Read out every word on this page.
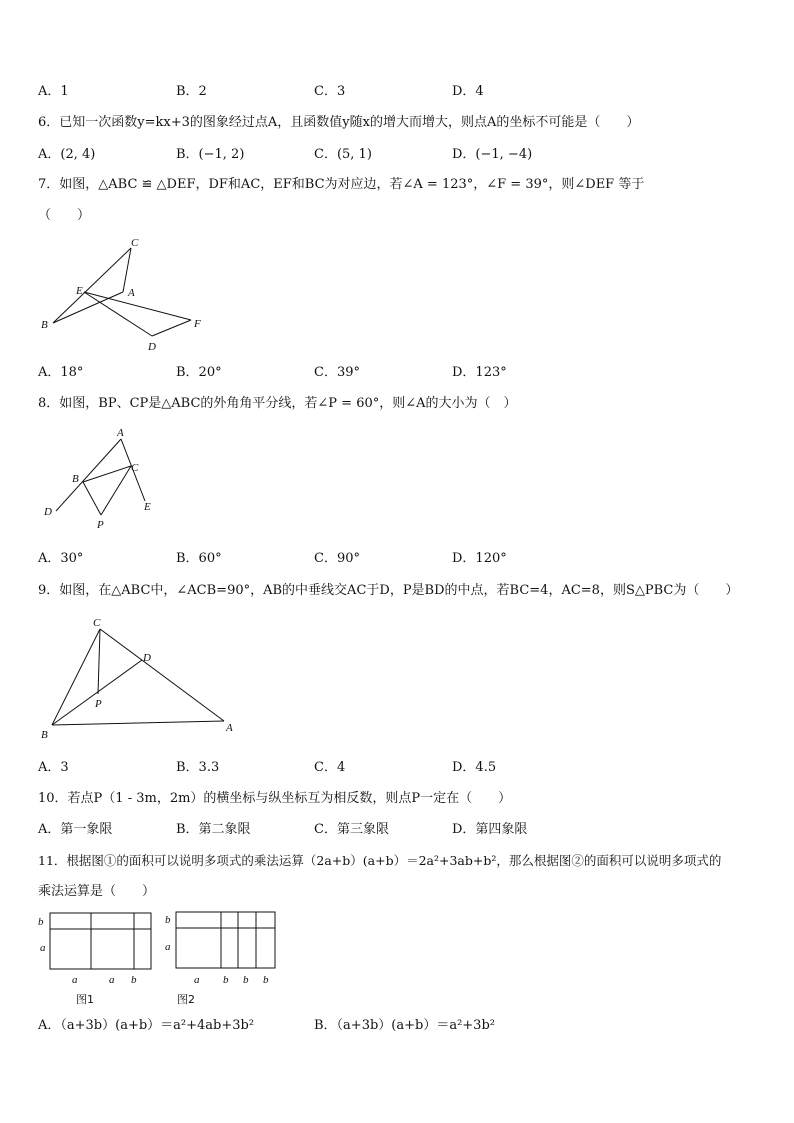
A．1	B．2	C．3	D．4
6．已知一次函数y=kx+3的图象经过点A，且函数值y随x的增大而增大，则点A的坐标不可能是（　　）
A．(2, 4)	B．(−1, 2)	C．(5, 1)	D．(−1, −4)
7．如图，△ABC ≌ △DEF，DF和AC，EF和BC为对应边，若∠A = 123°，∠F = 39°，则∠DEF 等于
（　　）
C
E	A
B	F
D
A．18°	B．20°	C．39°	D．123°
8．如图，BP、CP是△ABC的外角角平分线，若∠P = 60°，则∠A的大小为（　）
A
B
C
D	E
P
A．30°	B．60°	C．90°	D．120°
9．如图，在△ABC中，∠ACB=90°，AB的中垂线交AC于D，P是BD的中点，若BC=4，AC=8，则S△PBC为（　　）
C
D
P
B
A
A．3	B．3.3	C．4	D．4.5
10．若点P（1 - 3m，2m）的横坐标与纵坐标互为相反数，则点P一定在（　　）
A．第一象限	B．第二象限	C．第三象限	D．第四象限
11．根据图①的面积可以说明多项式的乘法运算（2a+b）(a+b）＝2a²+3ab+b²，那么根据图②的面积可以说明多项式的
乘法运算是（　　）
b
a
a	a b
图1
b
a
a b b b
图2
A．（a+3b）(a+b）＝a²+4ab+3b²	B．（a+3b）(a+b）＝a²+3b²
